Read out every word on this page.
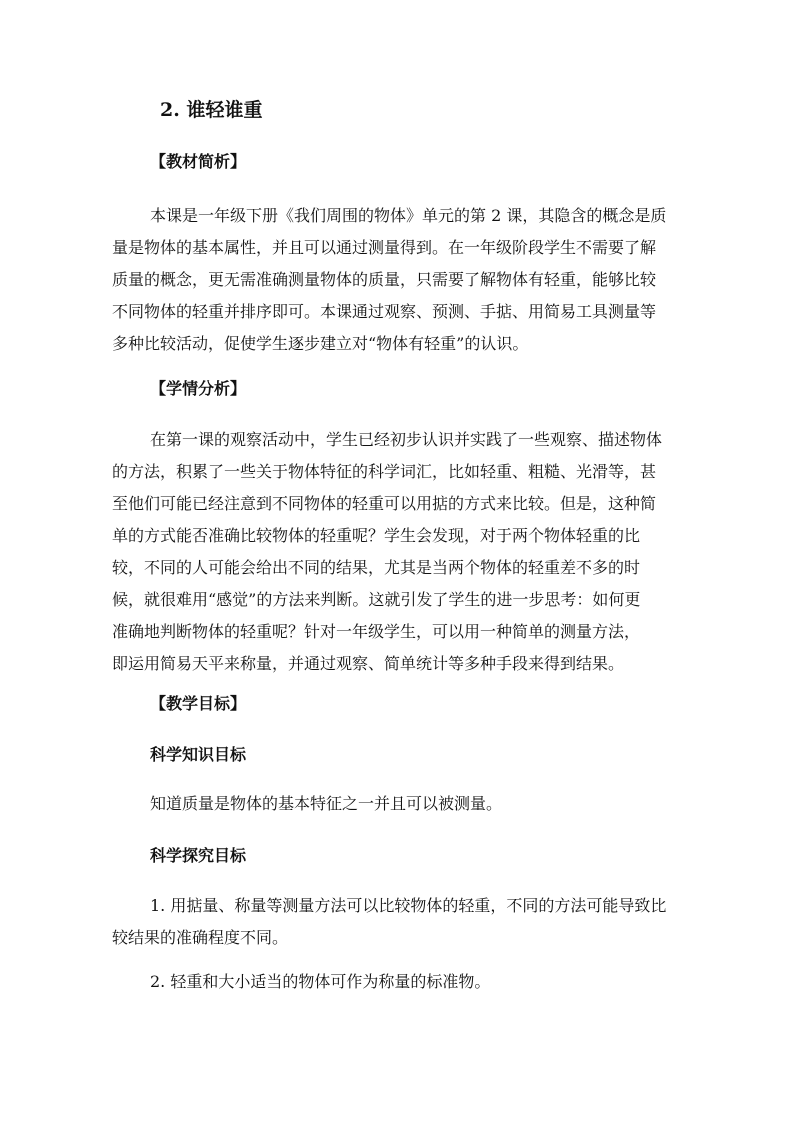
2. 谁轻谁重
【教材简析】
本课是一年级下册《我们周围的物体》单元的第 2 课，其隐含的概念是质
量是物体的基本属性，并且可以通过测量得到。在一年级阶段学生不需要了解
质量的概念，更无需准确测量物体的质量，只需要了解物体有轻重，能够比较
不同物体的轻重并排序即可。本课通过观察、预测、手掂、用简易工具测量等
多种比较活动，促使学生逐步建立对“物体有轻重”的认识。
【学情分析】
在第一课的观察活动中，学生已经初步认识并实践了一些观察、描述物体
的方法，积累了一些关于物体特征的科学词汇，比如轻重、粗糙、光滑等，甚
至他们可能已经注意到不同物体的轻重可以用掂的方式来比较。但是，这种简
单的方式能否准确比较物体的轻重呢？学生会发现，对于两个物体轻重的比
较，不同的人可能会给出不同的结果，尤其是当两个物体的轻重差不多的时
候，就很难用“感觉”的方法来判断。这就引发了学生的进一步思考：如何更
准确地判断物体的轻重呢？针对一年级学生，可以用一种简单的测量方法，
即运用简易天平来称量，并通过观察、简单统计等多种手段来得到结果。
【教学目标】
科学知识目标
知道质量是物体的基本特征之一并且可以被测量。
科学探究目标
1. 用掂量、称量等测量方法可以比较物体的轻重，不同的方法可能导致比
较结果的准确程度不同。
2. 轻重和大小适当的物体可作为称量的标准物。
